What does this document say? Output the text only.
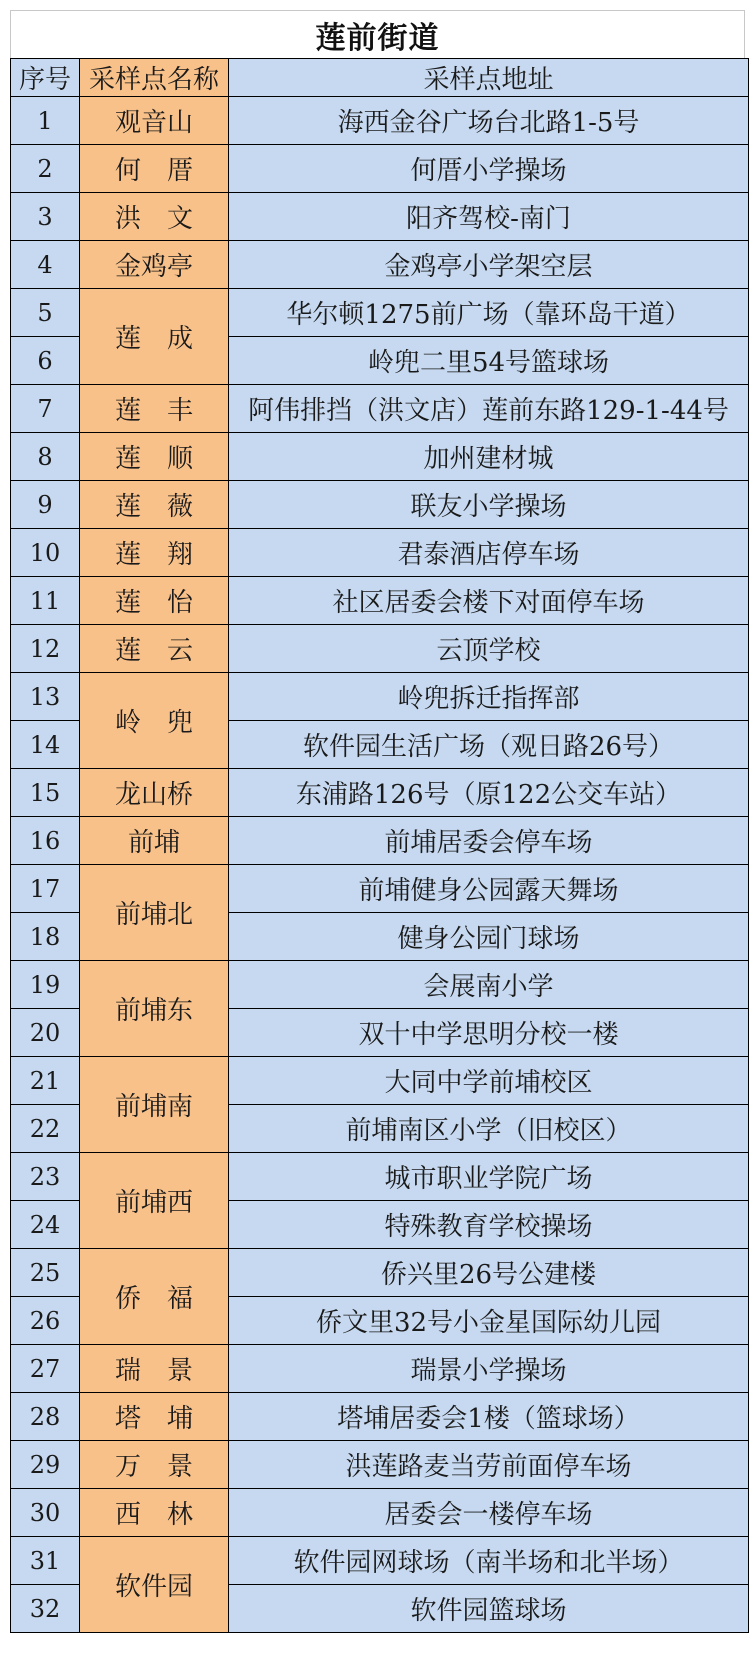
莲前街道
序号	采样点名称	采样点地址
1	观音山	海西金谷广场台北路1-5号
2	何　厝	何厝小学操场
3	洪　文	阳齐驾校-南门
4	金鸡亭	金鸡亭小学架空层
5	莲　成	华尔顿1275前广场（靠环岛干道）
6		岭兜二里54号篮球场
7	莲　丰	阿伟排挡（洪文店）莲前东路129-1-44号
8	莲　顺	加州建材城
9	莲　薇	联友小学操场
10	莲　翔	君泰酒店停车场
11	莲　怡	社区居委会楼下对面停车场
12	莲　云	云顶学校
13	岭　兜	岭兜拆迁指挥部
14		软件园生活广场（观日路26号）
15	龙山桥	东浦路126号（原122公交车站）
16	前埔	前埔居委会停车场
17	前埔北	前埔健身公园露天舞场
18		健身公园门球场
19	前埔东	会展南小学
20		双十中学思明分校一楼
21	前埔南	大同中学前埔校区
22		前埔南区小学（旧校区）
23	前埔西	城市职业学院广场
24		特殊教育学校操场
25	侨　福	侨兴里26号公建楼
26		侨文里32号小金星国际幼儿园
27	瑞　景	瑞景小学操场
28	塔　埔	塔埔居委会1楼（篮球场）
29	万　景	洪莲路麦当劳前面停车场
30	西　林	居委会一楼停车场
31	软件园	软件园网球场（南半场和北半场）
32		软件园篮球场
